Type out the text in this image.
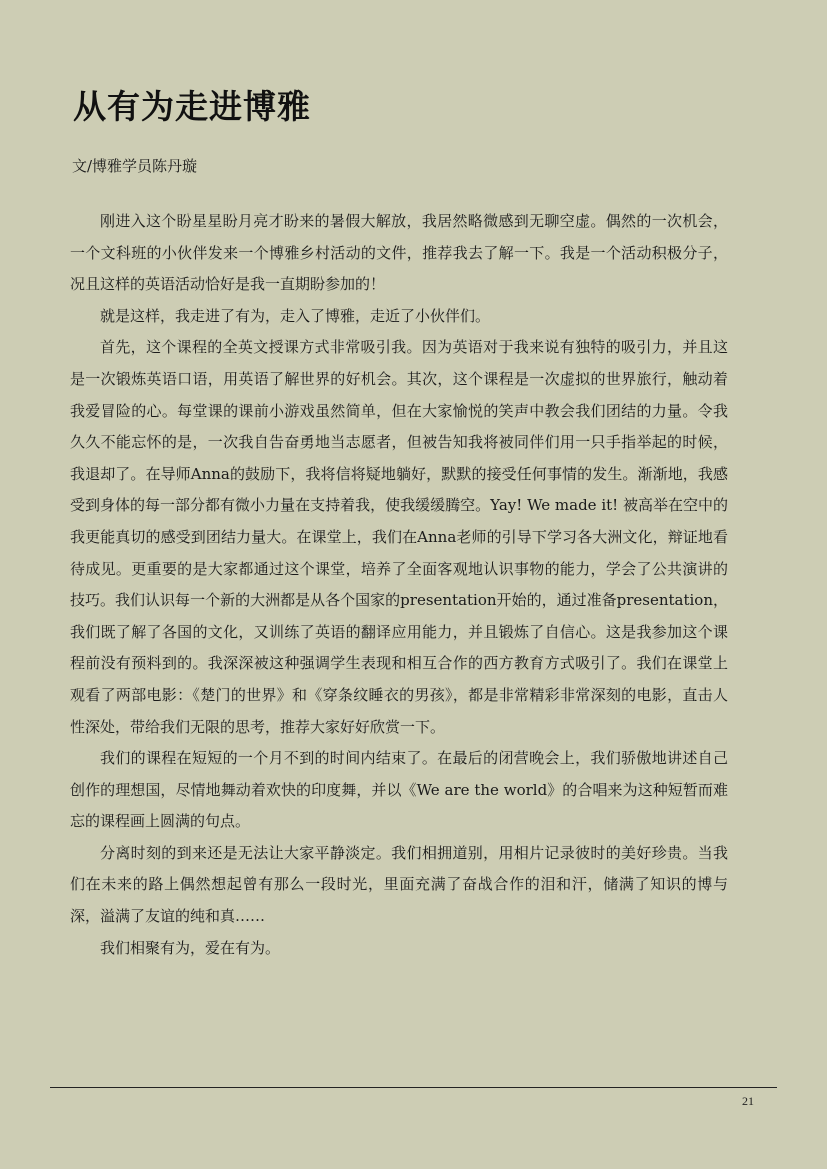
从有为走进博雅
文/博雅学员陈丹璇

刚进入这个盼星星盼月亮才盼来的暑假大解放，我居然略微感到无聊空虚。偶然的一次机会，一个文科班的小伙伴发来一个博雅乡村活动的文件，推荐我去了解一下。我是一个活动积极分子，况且这样的英语活动恰好是我一直期盼参加的！

就是这样，我走进了有为，走入了博雅，走近了小伙伴们。

首先，这个课程的全英文授课方式非常吸引我。因为英语对于我来说有独特的吸引力，并且这是一次锻炼英语口语，用英语了解世界的好机会。其次，这个课程是一次虚拟的世界旅行，触动着我爱冒险的心。每堂课的课前小游戏虽然简单，但在大家愉悦的笑声中教会我们团结的力量。令我久久不能忘怀的是，一次我自告奋勇地当志愿者，但被告知我将被同伴们用一只手指举起的时候，我退却了。在导师Anna的鼓励下，我将信将疑地躺好，默默的接受任何事情的发生。渐渐地，我感受到身体的每一部分都有微小力量在支持着我，使我缓缓腾空。Yay! We made it! 被高举在空中的我更能真切的感受到团结力量大。在课堂上，我们在Anna老师的引导下学习各大洲文化，辩证地看待成见。更重要的是大家都通过这个课堂，培养了全面客观地认识事物的能力，学会了公共演讲的技巧。我们认识每一个新的大洲都是从各个国家的presentation开始的，通过准备presentation，我们既了解了各国的文化，又训练了英语的翻译应用能力，并且锻炼了自信心。这是我参加这个课程前没有预料到的。我深深被这种强调学生表现和相互合作的西方教育方式吸引了。我们在课堂上观看了两部电影：《楚门的世界》和《穿条纹睡衣的男孩》，都是非常精彩非常深刻的电影，直击人性深处，带给我们无限的思考，推荐大家好好欣赏一下。

我们的课程在短短的一个月不到的时间内结束了。在最后的闭营晚会上，我们骄傲地讲述自己创作的理想国，尽情地舞动着欢快的印度舞，并以《We are the world》的合唱来为这种短暂而难忘的课程画上圆满的句点。

分离时刻的到来还是无法让大家平静淡定。我们相拥道别，用相片记录彼时的美好珍贵。当我们在未来的路上偶然想起曾有那么一段时光，里面充满了奋战合作的泪和汗，储满了知识的博与深，溢满了友谊的纯和真……

我们相聚有为，爱在有为。

21
